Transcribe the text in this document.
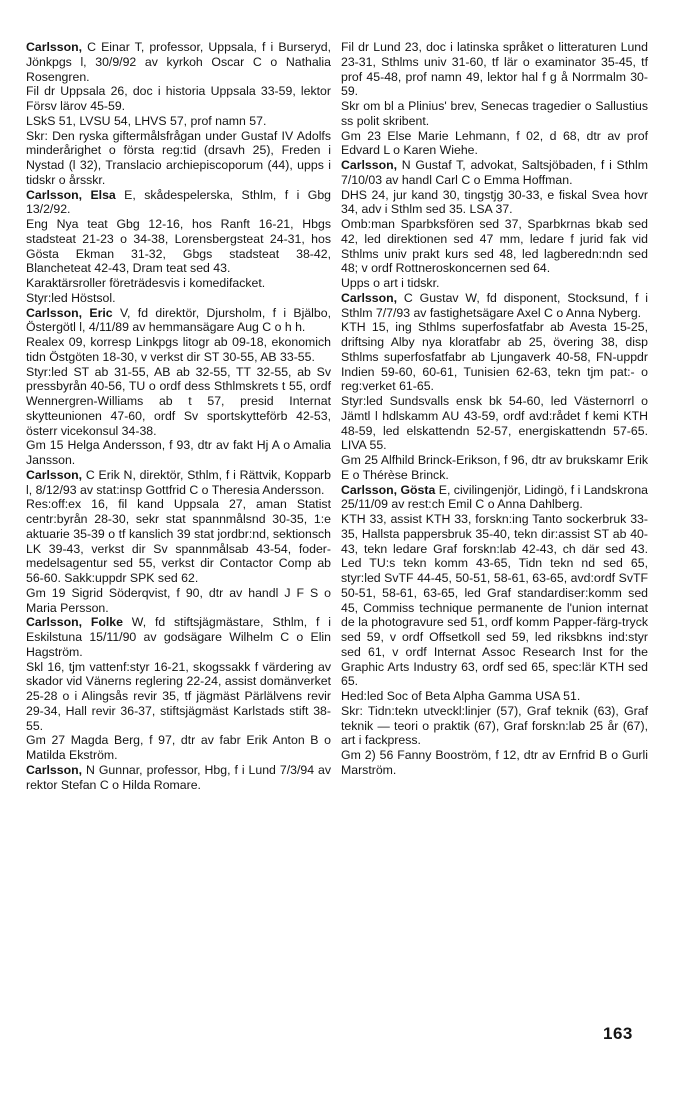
Carlsson, C Einar T, professor, Uppsala, f i Burseryd, Jönkpgs l, 30/9/92 av kyrkoh Oscar C o Nathalia Rosengren.

Fil dr Uppsala 26, doc i historia Uppsala 33-59, lektor Försv lärov 45-59.

LSkS 51, LVSU 54, LHVS 57, prof namn 57.

Skr: Den ryska giftermålsfrågan under Gustaf IV Adolfs minderårighet o första reg:tid (drsavh 25), Freden i Nystad (l 32), Translacio archiepiscoporum (44), upps i tidskr o årsskr.

Carlsson, Elsa E, skådespelerska, Sthlm, f i Gbg 13/2/92.

Eng Nya teat Gbg 12-16, hos Ranft 16-21, Hbgs stadsteat 21-23 o 34-38, Lorensbergsteat 24-31, hos Gösta Ekman 31-32, Gbgs stadsteat 38-42, Blancheteat 42-43, Dram teat sed 43.

Karaktärsroller företrädesvis i komedifacket.

Styr:led Höstsol.

Carlsson, Eric V, fd direktör, Djursholm, f i Bjälbo, Östergötl l, 4/11/89 av hemmansägare Aug C o h h.

Realex 09, korresp Linkpgs litogr ab 09-18, ekonomich tidn Östgöten 18-30, v verkst dir ST 30-55, AB 33-55.

Styr:led ST ab 31-55, AB ab 32-55, TT 32-55, ab Sv pressbyrån 40-56, TU o ordf dess Sthlmskrets t 55, ordf Wennergren-Williams ab t 57, presid Internat skytteunionen 47-60, ordf Sv sportskytteförb 42-53, österr vicekonsul 34-38.

Gm 15 Helga Andersson, f 93, dtr av fakt Hj A o Amalia Jansson.

Carlsson, C Erik N, direktör, Sthlm, f i Rättvik, Kopparb l, 8/12/93 av stat:insp Gottfrid C o Theresia Andersson.

Res:off:ex 16, fil kand Uppsala 27, aman Statist centr:byrån 28-30, sekr stat spannmålsnd 30-35, 1:e aktuarie 35-39 o tf kanslich 39 stat jordbr:nd, sektionsch LK 39-43, verkst dir Sv spannmålsab 43-54, foder-medelsagentur sed 55, verkst dir Contactor Comp ab 56-60. Sakk:uppdr SPK sed 62.

Gm 19 Sigrid Söderqvist, f 90, dtr av handl J F S o Maria Persson.

Carlsson, Folke W, fd stiftsjägmästare, Sthlm, f i Eskilstuna 15/11/90 av godsägare Wilhelm C o Elin Hagström.

Skl 16, tjm vattenf:styr 16-21, skogssakk f värdering av skador vid Vänerns reglering 22-24, assist domänverket 25-28 o i Alingsås revir 35, tf jägmäst Pärlälvens revir 29-34, Hall revir 36-37, stiftsjägmäst Karlstads stift 38-55.

Gm 27 Magda Berg, f 97, dtr av fabr Erik Anton B o Matilda Ekström.

Carlsson, N Gunnar, professor, Hbg, f i Lund 7/3/94 av rektor Stefan C o Hilda Romare.

Fil dr Lund 23, doc i latinska språket o litteraturen Lund 23-31, Sthlms univ 31-60, tf lär o examinator 35-45, tf prof 45-48, prof namn 49, lektor hal f g å Norrmalm 30-59.

Skr om bl a Plinius' brev, Senecas tragedier o Sallustius ss polit skribent.

Gm 23 Else Marie Lehmann, f 02, d 68, dtr av prof Edvard L o Karen Wiehe.

Carlsson, N Gustaf T, advokat, Saltsjöbaden, f i Sthlm 7/10/03 av handl Carl C o Emma Hoffman.

DHS 24, jur kand 30, tingstjg 30-33, e fiskal Svea hovr 34, adv i Sthlm sed 35. LSA 37.

Omb:man Sparbksfören sed 37, Sparbkrnas bkab sed 42, led direktionen sed 47 mm, ledare f jurid fak vid Sthlms univ prakt kurs sed 48, led lagberedn:ndn sed 48; v ordf Rottneroskoncernen sed 64.

Upps o art i tidskr.

Carlsson, C Gustav W, fd disponent, Stocksund, f i Sthlm 7/7/93 av fastighetsägare Axel C o Anna Nyberg.

KTH 15, ing Sthlms superfosfatfabr ab Avesta 15-25, driftsing Alby nya kloratfabr ab 25, övering 38, disp Sthlms superfosfatfabr ab Ljungaverk 40-58, FN-uppdr Indien 59-60, 60-61, Tunisien 62-63, tekn tjm pat:- o reg:verket 61-65.

Styr:led Sundsvalls ensk bk 54-60, led Västernorrl o Jämtl l hdlskamm AU 43-59, ordf avd:rådet f kemi KTH 48-59, led elskattendn 52-57, energiskattendn 57-65. LIVA 55.

Gm 25 Alfhild Brinck-Erikson, f 96, dtr av brukskamr Erik E o Thérèse Brinck.

Carlsson, Gösta E, civilingenjör, Lidingö, f i Landskrona 25/11/09 av rest:ch Emil C o Anna Dahlberg.

KTH 33, assist KTH 33, forskn:ing Tanto sockerbruk 33-35, Hallsta pappersbruk 35-40, tekn dir:assist ST ab 40-43, tekn ledare Graf forskn:lab 42-43, ch där sed 43. Led TU:s tekn komm 43-65, Tidn tekn nd sed 65, styr:led SvTF 44-45, 50-51, 58-61, 63-65, avd:ordf SvTF 50-51, 58-61, 63-65, led Graf standardiser:komm sed 45, Commiss technique permanente de l'union internat de la photogravure sed 51, ordf komm Papper-färg-tryck sed 59, v ordf Offsetkoll sed 59, led riksbkns ind:styr sed 61, v ordf Internat Assoc Research Inst for the Graphic Arts Industry 63, ordf sed 65, spec:lär KTH sed 65.

Hed:led Soc of Beta Alpha Gamma USA 51.

Skr: Tidn:tekn utveckl:linjer (57), Graf teknik (63), Graf teknik — teori o praktik (67), Graf forskn:lab 25 år (67), art i fackpress.

Gm 2) 56 Fanny Booström, f 12, dtr av Ernfrid B o Gurli Marström.

163
